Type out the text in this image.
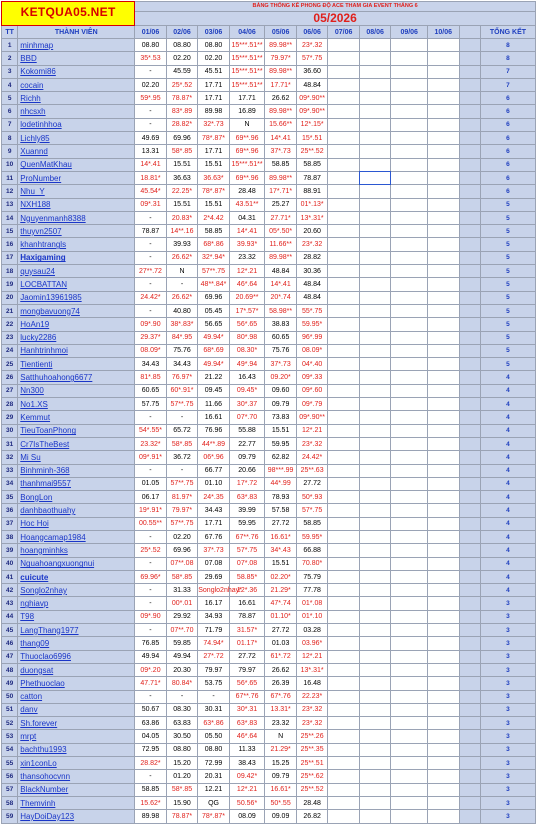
KETQUA05.NET		BẢNG THỐNG KÊ PHONG ĐỘ ACE THAM GIA EVENT THÁNG 6											
		05/2026											
TT	THÀNH VIÊN	01/06	02/06	03/06	04/06	05/06	06/06	07/06	08/06	09/06	10/06		TỔNG KẾT
1	minhmap	08.80	08.80	08.80	15***.51**	89.98**	23*.32						8
2	BBD	35*.53	02.20	02.20	15***.51**	79.97*	57*.75						8
3	Kokomi86	-	45.59	45.51	15***.51**	89.98**	36.60						7
4	cocain	02.20	25*.52	17.71	15***.51**	17.71*	48.84						7
5	Richh	59*.95	78.87*	17.71	17.71	26.62	09*.90**						6
6	nhcsxh	-	83*.89	89.98	16.89	89.98**	09*.90**						6
7	lodetinhhoa	-	28.82*	32*.73	N	15.66**	12*.15*						6
8	Lichly85	49.69	69.96	78*.87*	69**.96	14*.41	15*.51						6
9	Xuannd	13.31	58*.85	17.71	69**.96	37*.73	25**.52						6
10	QuenMatKhau	14*.41	15.51	15.51	15***.51**	58.85	58.85						6
11	ProNumber	18.81*	36.63	36.63*	69**.96	89.98**	78.87						6
12	Nhu_Y	45.54*	22.25*	78*.87*	28.48	17*.71*	88.91						6
13	NXH188	09*.31	15.51	15.51	43.51**	25.27	01*.13*						5
14	Nguyenmanh8388	-	20.83*	2*4.42	04.31	27.71*	13*.31*						5
15	thuyvn2507	78.87	14**.16	58.85	14*.41	05*.50*	20.60						5
16	khanhtrangls	-	39.93	68*.86	39.93*	11.66**	23*.32						5
17	Haxigaming	-	26.62*	32*.94*	23.32	89.98**	28.82						5
18	quysau24	27**.72	N	57**.75	12*.21	48.84	30.36						5
19	LOCBATTAN	-	-	48**.84*	46*.64	14*.41	48.84						5
20	Jaomin13961985	24.42*	26.62*	69.96	20.69**	20*.74	48.84						5
21	mongbavuong74	-	40.80	05.45	17*.57*	58.98**	55*.75						5
22	HoAn19	09*.90	38*.83*	56.65	56*.65	38.83	59.95*						5
23	lucky2286	29.37*	84*.95	49.94*	80*.98	60.65	96*.99						5
24	Hanhtrinhmoi	08.09*	75.76	68*.69	08.30*	75.76	08.09*						5
25	Tientienti	34.43	34.43	49.94*	49*.94	37*.73	04*.40						5
26	Satthuhoahong6677	81*.85	76.97*	21.22	16.43	09.20*	09*.33						4
27	Nn300	60.65	60*.91*	09.45	09.45*	09.60	09*.60						4
28	No1.XS	57.75	57**.75	11.66	30*.37	09.79	09*.79						4
29	Kemmut	-	-	16.61	07*.70	73.83	09*.90**						4
30	TieuToanPhong	54*.55*	65.72	76.96	55.88	15.51	12*.21						4
31	Cr7IsTheBest	23.32*	58*.85	44**.89	22.77	59.95	23*.32						4
32	Mi Su	09*.91*	36.72	06*.96	09.79	62.82	24.42*						4
33	Binhminh-368	-	-	66.77	20.66	98***.99	25**.63						4
34	thanhmai9557	01.05	57**.75	01.10	17*.72	44*.99	27.72						4
35	BongLon	06.17	81.97*	24*.35	63*.83	78.93	50*.93						4
36	danhbaothuahy	19*.91*	79.97*	34.43	39.99	57.58	57*.75						4
37	Hoc Hoi	00.55**	57**.75	17.71	59.95	27.72	58.85						4
38	Hoangcamap1984	-	02.20	67.76	67**.76	16.61*	59.95*						4
39	hoangminhks	25*.52	69.96	37*.73	57*.75	34*.43	66.88						4
40	Nguahoangxuongnui	-	07**.08	07.08	07*.08	15.51	70.80*						4
41	cuicute	69.96*	58*.85	29.69	58.85*	02.20*	75.79						4
42	Songlo2nhay	-	31.33	Songlo2nhay*	12*.36	21.29*	77.78						4
43	nghiavp	-	00*.01	16.17	16.61	47*.74	01*.08						3
44	T98	09*.90	29.92	34.93	78.87	01.10*	01*.10						3
45	LangThang1977	-	07**.70	71.79	31.57*	27.72	03.28						3
46	thang09	76.85	59.85	74.94*	01.17*	01.03	03.96*						3
47	Thuoclao6996	49.94	49.94	27*.72	27.72	61*.72	12*.21						3
48	duongsat	09*.20	20.30	79.97	79.97	26.62	13*.31*						3
49	Phethuoclao	47.71*	80.84*	53.75	56*.65	26.39	16.48						3
50	catton	-	-	-	67**.76	67*.76	22.23*						3
51	danv	50.67	08.30	30.31	30*.31	13.31*	23*.32						3
52	Sh.forever	63.86	63.83	63*.86	63*.83	23.32	23*.32						3
53	mrpt	04.05	30.50	05.50	46*.64	N	25**.26						3
54	bachthu1993	72.95	08.80	08.80	11.33	21.29*	25**.35						3
55	xin1conLo	28.82*	15.20	72.99	38.43	15.25	25**.51						3
56	thansohocvnn	-	01.20	20.31	09.42*	09.79	25**.62						3
57	BlackNumber	58.85	58*.85	12.21	12*.21	16.61*	25**.52						3
58	Themvinh	15.62*	15.90	QG	50.56*	50*.55	28.48						3
59	HayDoiDay123	89.98	78.87*	78*.87*	08.09	09.09	26.82						3
